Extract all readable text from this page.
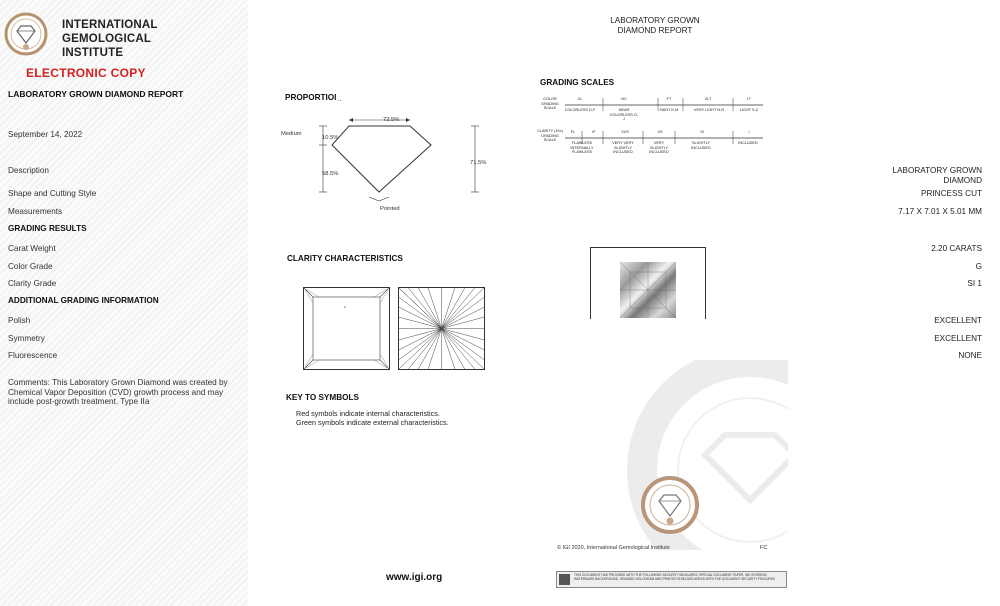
INTERNATIONAL
GEMOLOGICAL
INSTITUTE
ELECTRONIC COPY
LABORATORY GROWN DIAMOND REPORT
September 14, 2022
Description	LABORATORY GROWN
DIAMOND
Shape and Cutting Style	PRINCESS CUT
Measurements	7.17 X 7.01 X 5.01 MM
GRADING RESULTS
Carat Weight	2.20 CARATS
Color Grade	G
Clarity Grade	SI 1
ADDITIONAL GRADING INFORMATION
Polish	EXCELLENT
Symmetry	EXCELLENT
Fluorescence	NONE
Comments: This Laboratory Grown Diamond was created by Chemical Vapor Deposition (CVD) growth process and may include post-growth treatment. Type IIa
PROPORTIOI ..
72.5%
Medium
10.5%
58.5%
71.5%
Pointed
CLARITY CHARACTERISTICS
KEY TO SYMBOLS
Red symbols indicate internal characteristics.
Green symbols indicate external characteristics.
www.igi.org
LABORATORY GROWN
DIAMOND REPORT
GRADING SCALES
COLOR GRADING SCALE
CL	NC	FT	VLT	LT
COLORLESS D-F	NEAR COLORLESS G-J
FAINT K-M	VERY LIGHT N-R	LIGHT S-Z
CLARITY (10x) GRADING SCALE
FL	IF	VVS	VS	SI	I
FLAWLESS INTERNALLY FLAWLESS
VERY VERY SLIGHTLY INCLUDED
VERY SLIGHTLY INCLUDED
SLIGHTLY INCLUDED
INCLUDED
© IGI 2020, International Gemological Institute	FC
THIS DOCUMENT HAS PROVIDED WITH THE FOLLOWING SECURITY MEASURES: SPECIAL DOCUMENT PAPER, INK SCREENS, WATERMARK BACKGROUND, GRADING HOLOGRAM AND PRINTED SHIELDED AREAS WITH THE DOCUMENT SECURITY FEATURES
